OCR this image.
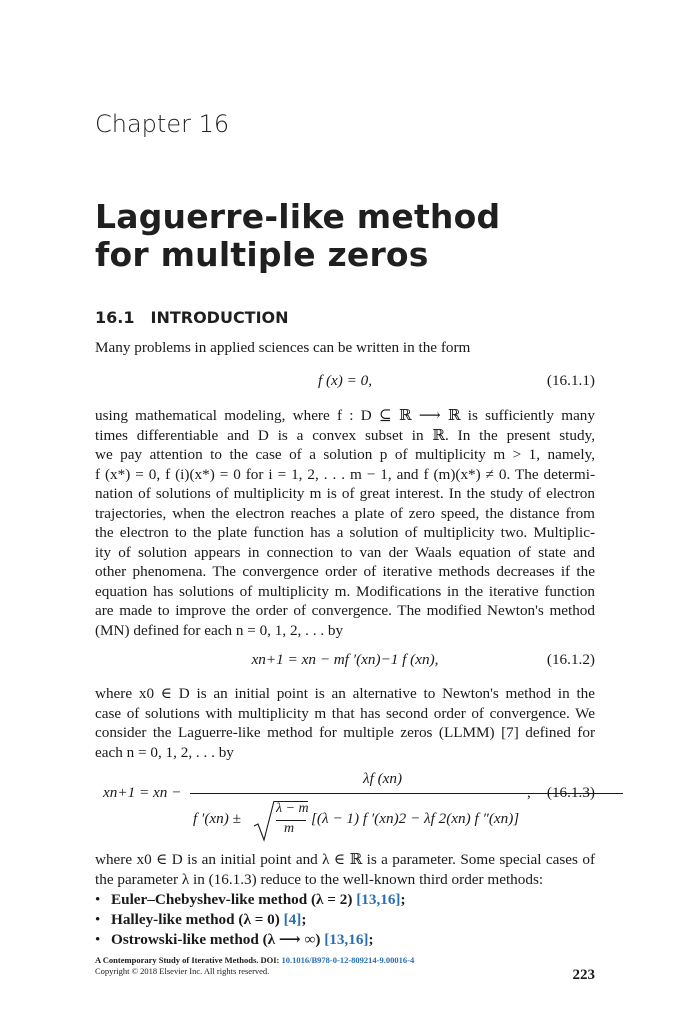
Chapter 16
Laguerre-like method
for multiple zeros
16.1 INTRODUCTION
Many problems in applied sciences can be written in the form
f (x) = 0,	(16.1.1)
using mathematical modeling, where f : D ⊆ ℝ ⟶ ℝ is sufficiently many
times differentiable and D is a convex subset in ℝ. In the present study,
we pay attention to the case of a solution p of multiplicity m > 1, namely,
f (x*) = 0, f (i)(x*) = 0 for i = 1, 2, . . . m − 1, and f (m)(x*) ≠ 0. The determi-
nation of solutions of multiplicity m is of great interest. In the study of electron
trajectories, when the electron reaches a plate of zero speed, the distance from
the electron to the plate function has a solution of multiplicity two. Multiplic-
ity of solution appears in connection to van der Waals equation of state and
other phenomena. The convergence order of iterative methods decreases if the
equation has solutions of multiplicity m. Modifications in the iterative function
are made to improve the order of convergence. The modified Newton's method
(MN) defined for each n = 0, 1, 2, . . . by
xn+1 = xn − mf ′(xn)−1 f (xn),	(16.1.2)
where x0 ∈ D is an initial point is an alternative to Newton's method in the
case of solutions with multiplicity m that has second order of convergence. We
consider the Laguerre-like method for multiple zeros (LLMM) [7] defined for
each n = 0, 1, 2, . . . by
xn+1 = xn −
λf (xn)
f ′(xn) ±
λ − m
m
[(λ − 1) f ′(xn)2 − λf 2(xn) f ″(xn)]
, (16.1.3)
where x0 ∈ D is an initial point and λ ∈ ℝ is a parameter. Some special cases of
the parameter λ in (16.1.3) reduce to the well-known third order methods:
• Euler–Chebyshev-like method (λ = 2) [13,16];
• Halley-like method (λ = 0) [4];
• Ostrowski-like method (λ ⟶ ∞) [13,16];
A Contemporary Study of Iterative Methods. DOI: 10.1016/B978-0-12-809214-9.00016-4
Copyright © 2018 Elsevier Inc. All rights reserved.	223
